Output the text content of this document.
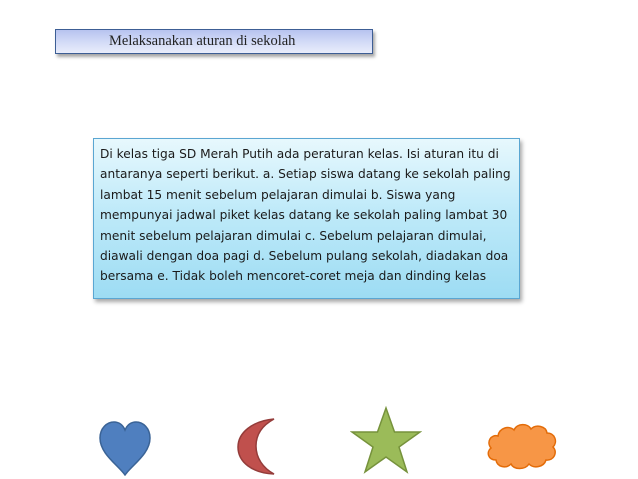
Melaksanakan aturan di sekolah

Di kelas tiga SD Merah Putih ada peraturan kelas. Isi aturan itu di antaranya seperti berikut. a. Setiap siswa datang ke sekolah paling lambat 15 menit sebelum pelajaran dimulai b. Siswa yang mempunyai jadwal piket kelas datang ke sekolah paling lambat 30 menit sebelum pelajaran dimulai c. Sebelum pelajaran dimulai, diawali dengan doa pagi d. Sebelum pulang sekolah, diadakan doa bersama e. Tidak boleh mencoret-coret meja dan dinding kelas
